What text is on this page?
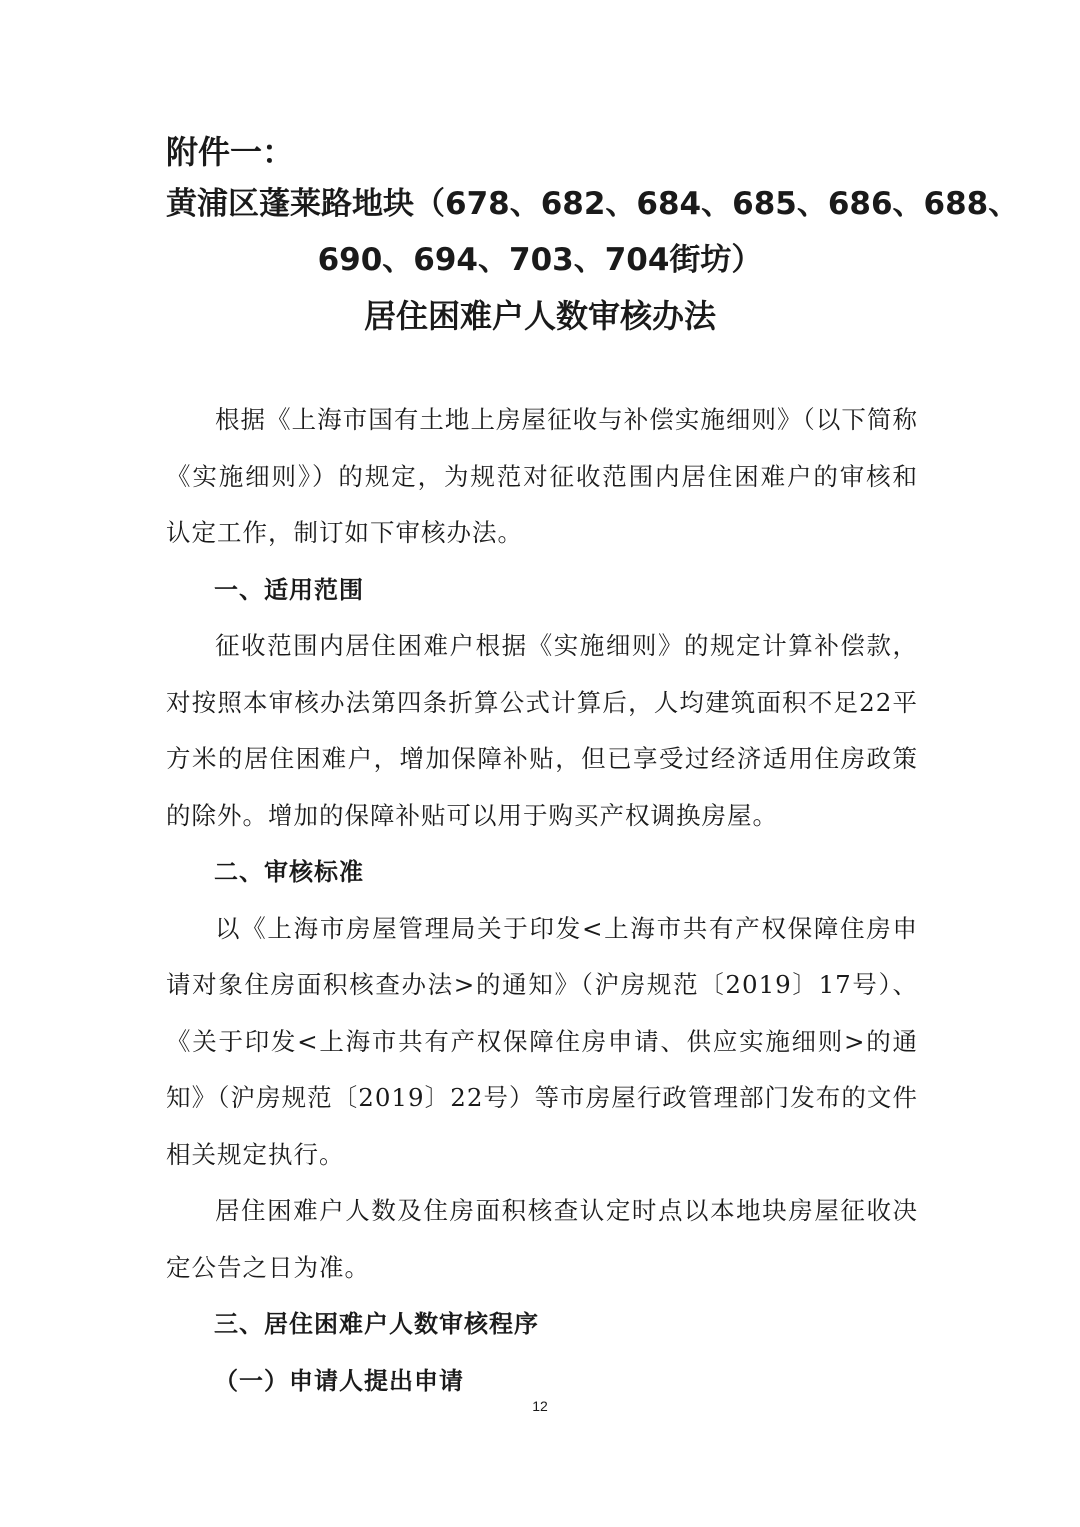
附件一：
黄浦区蓬莱路地块（678、682、684、685、686、688、
690、694、703、704街坊）
居住困难户人数审核办法

根据《上海市国有土地上房屋征收与补偿实施细则》（以下简称《实施细则》）的规定，为规范对征收范围内居住困难户的审核和认定工作，制订如下审核办法。

一、适用范围

征收范围内居住困难户根据《实施细则》的规定计算补偿款，对按照本审核办法第四条折算公式计算后，人均建筑面积不足22平方米的居住困难户，增加保障补贴，但已享受过经济适用住房政策的除外。增加的保障补贴可以用于购买产权调换房屋。

二、审核标准

以《上海市房屋管理局关于印发<上海市共有产权保障住房申请对象住房面积核查办法>的通知》（沪房规范〔2019〕17号）、《关于印发<上海市共有产权保障住房申请、供应实施细则>的通知》（沪房规范〔2019〕22号）等市房屋行政管理部门发布的文件相关规定执行。

居住困难户人数及住房面积核查认定时点以本地块房屋征收决定公告之日为准。

三、居住困难户人数审核程序
（一）申请人提出申请
12
